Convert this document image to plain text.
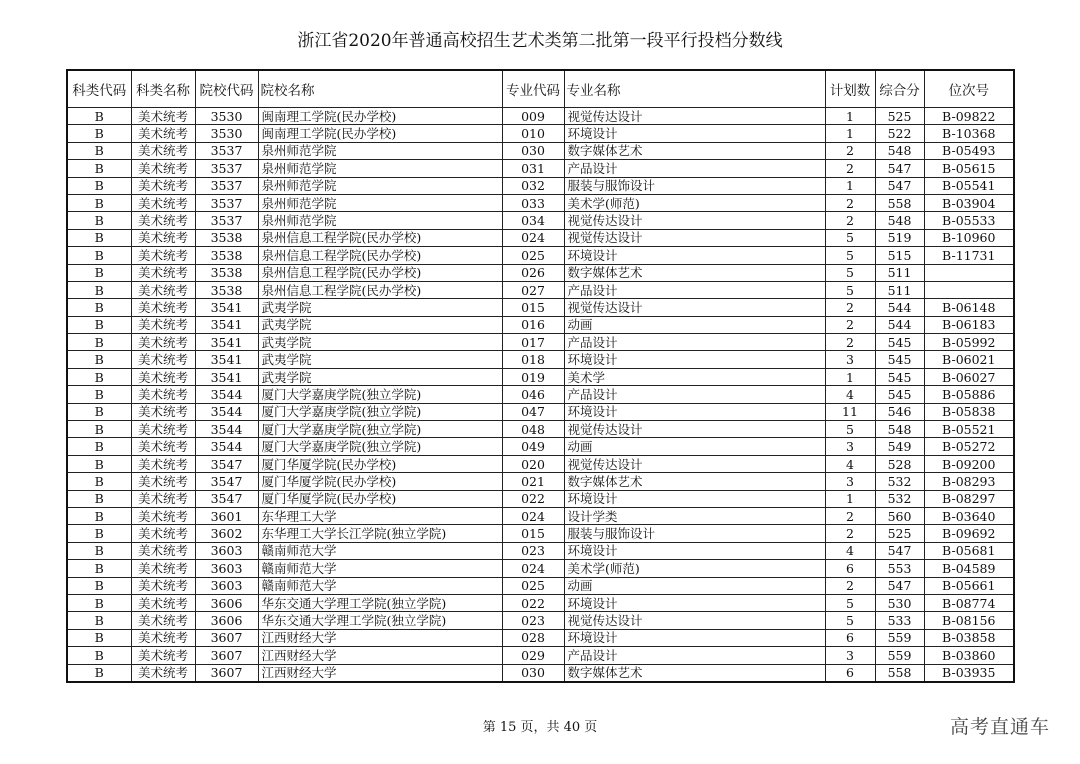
浙江省2020年普通高校招生艺术类第二批第一段平行投档分数线
科类代码	科类名称	院校代码	院校名称	专业代码	专业名称	计划数	综合分	位次号
B	美术统考	3530	闽南理工学院(民办学校)	009	视觉传达设计	1	525	B-09822
B	美术统考	3530	闽南理工学院(民办学校)	010	环境设计	1	522	B-10368
B	美术统考	3537	泉州师范学院	030	数字媒体艺术	2	548	B-05493
B	美术统考	3537	泉州师范学院	031	产品设计	2	547	B-05615
B	美术统考	3537	泉州师范学院	032	服装与服饰设计	1	547	B-05541
B	美术统考	3537	泉州师范学院	033	美术学(师范)	2	558	B-03904
B	美术统考	3537	泉州师范学院	034	视觉传达设计	2	548	B-05533
B	美术统考	3538	泉州信息工程学院(民办学校)	024	视觉传达设计	5	519	B-10960
B	美术统考	3538	泉州信息工程学院(民办学校)	025	环境设计	5	515	B-11731
B	美术统考	3538	泉州信息工程学院(民办学校)	026	数字媒体艺术	5	511	
B	美术统考	3538	泉州信息工程学院(民办学校)	027	产品设计	5	511	
B	美术统考	3541	武夷学院	015	视觉传达设计	2	544	B-06148
B	美术统考	3541	武夷学院	016	动画	2	544	B-06183
B	美术统考	3541	武夷学院	017	产品设计	2	545	B-05992
B	美术统考	3541	武夷学院	018	环境设计	3	545	B-06021
B	美术统考	3541	武夷学院	019	美术学	1	545	B-06027
B	美术统考	3544	厦门大学嘉庚学院(独立学院)	046	产品设计	4	545	B-05886
B	美术统考	3544	厦门大学嘉庚学院(独立学院)	047	环境设计	11	546	B-05838
B	美术统考	3544	厦门大学嘉庚学院(独立学院)	048	视觉传达设计	5	548	B-05521
B	美术统考	3544	厦门大学嘉庚学院(独立学院)	049	动画	3	549	B-05272
B	美术统考	3547	厦门华厦学院(民办学校)	020	视觉传达设计	4	528	B-09200
B	美术统考	3547	厦门华厦学院(民办学校)	021	数字媒体艺术	3	532	B-08293
B	美术统考	3547	厦门华厦学院(民办学校)	022	环境设计	1	532	B-08297
B	美术统考	3601	东华理工大学	024	设计学类	2	560	B-03640
B	美术统考	3602	东华理工大学长江学院(独立学院)	015	服装与服饰设计	2	525	B-09692
B	美术统考	3603	赣南师范大学	023	环境设计	4	547	B-05681
B	美术统考	3603	赣南师范大学	024	美术学(师范)	6	553	B-04589
B	美术统考	3603	赣南师范大学	025	动画	2	547	B-05661
B	美术统考	3606	华东交通大学理工学院(独立学院)	022	环境设计	5	530	B-08774
B	美术统考	3606	华东交通大学理工学院(独立学院)	023	视觉传达设计	5	533	B-08156
B	美术统考	3607	江西财经大学	028	环境设计	6	559	B-03858
B	美术统考	3607	江西财经大学	029	产品设计	3	559	B-03860
B	美术统考	3607	江西财经大学	030	数字媒体艺术	6	558	B-03935
第 15 页，共 40 页	高考直通车
